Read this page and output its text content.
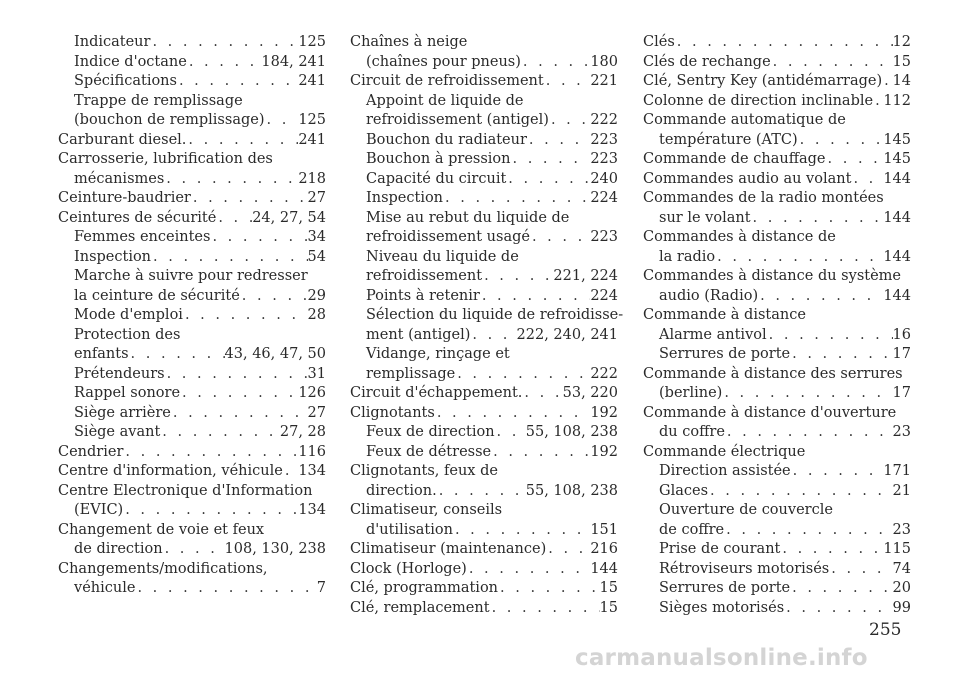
Indicateur . . .	125
Indice d'octane . . .	184, 241
Spécifications . . .	241
Trappe de remplissage
(bouchon de remplissage) . . . 125
Carburant diesel. . . .	241
Carrosserie, lubrification des
mécanismes . . .	218
Ceinture-baudrier . . .	27
Ceintures de sécurité . . . 24, 27, 54
Femmes enceintes . . .	34
Inspection . . .	54
Marche à suivre pour redresser
la ceinture de sécurité . . .	29
Mode d'emploi . . .	28
Protection des
enfants . . .	43, 46, 47, 50
Prétendeurs . . .	31
Rappel sonore . . .	126
Siège arrière . . .	27
Siège avant . . .	27, 28
Cendrier . . .	116
Centre d'information, véhicule . . . 134
Centre Electronique d'Information
(EVIC) . . .	134
Changement de voie et feux
de direction . . .	108, 130, 238
Changements/modifications,
véhicule . . .	7
Chaînes à neige
(chaînes pour pneus) . . .	180
Circuit de refroidissement . . .	221
Appoint de liquide de
refroidissement (antigel) . . .	222
Bouchon du radiateur . . .	223
Bouchon à pression . . .	223
Capacité du circuit . . .	240
Inspection . . .	224
Mise au rebut du liquide de
refroidissement usagé . . .	223
Niveau du liquide de
refroidissement . . .	221, 224
Points à retenir . . .	224
Sélection du liquide de refroidisse-
ment (antigel) . . .	222, 240, 241
Vidange, rinçage et
remplissage . . .	222
Circuit d'échappement. . . .	53, 220
Clignotants . . .	192
Feux de direction . . . 55, 108, 238
Feux de détresse . . .	192
Clignotants, feux de
direction. . . .	55, 108, 238
Climatiseur, conseils
d'utilisation . . .	151
Climatiseur (maintenance) . . .	216
Clock (Horloge) . . .	144
Clé, programmation . . .	15
Clé, remplacement . . .	15
Clés . . .	12
Clés de rechange . . .	15
Clé, Sentry Key (antidémarrage) . . . 14
Colonne de direction inclinable . . . 112
Commande automatique de
température (ATC) . . .	145
Commande de chauffage . . .	145
Commandes audio au volant . . . 144
Commandes de la radio montées
sur le volant . . .	144
Commandes à distance de
la radio . . .	144
Commandes à distance du système
audio (Radio) . . .	144
Commande à distance
Alarme antivol . . .	16
Serrures de porte . . .	17
Commande à distance des serrures
(berline) . . .	17
Commande à distance d'ouverture
du coffre . . .	23
Commande électrique
Direction assistée . . .	171
Glaces . . .	21
Ouverture de couvercle
de coffre . . .	23
Prise de courant . . .	115
Rétroviseurs motorisés . . .	74
Serrures de porte . . .	20
Sièges motorisés . . .	99
255
carmanualsonline.info
